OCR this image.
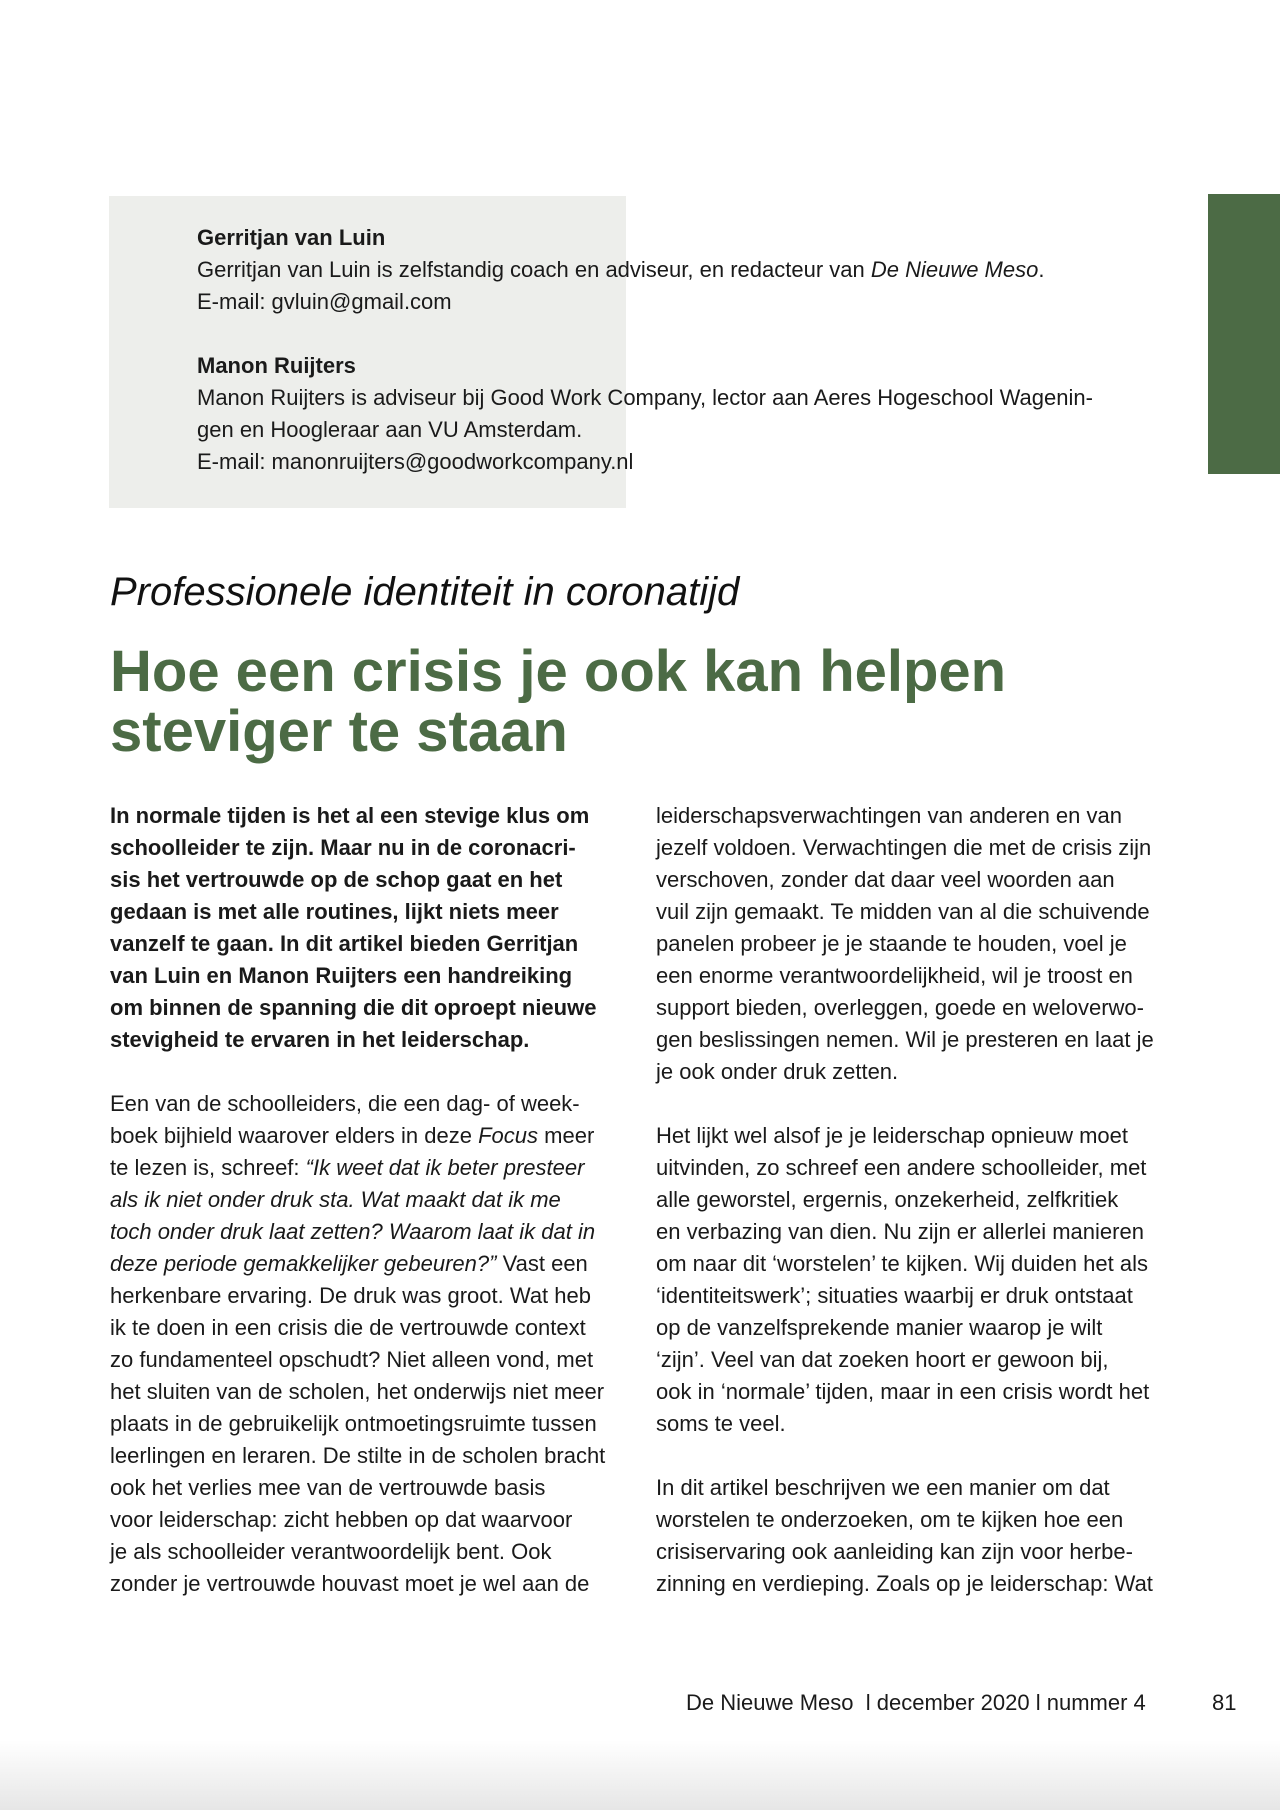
Gerritjan van Luin
Gerritjan van Luin is zelfstandig coach en adviseur, en redacteur van De Nieuwe Meso.
E-mail: gvluin@gmail.com
Manon Ruijters
Manon Ruijters is adviseur bij Good Work Company, lector aan Aeres Hogeschool Wagenin-
gen en Hoogleraar aan VU Amsterdam.
E-mail: manonruijters@goodworkcompany.nl
Professionele identiteit in coronatijd
Hoe een crisis je ook kan helpen
steviger te staan

In normale tijden is het al een stevige klus om

schoolleider te zijn. Maar nu in de coronacri-

sis het vertrouwde op de schop gaat en het

gedaan is met alle routines, lijkt niets meer

vanzelf te gaan. In dit artikel bieden Gerritjan

van Luin en Manon Ruijters een handreiking

om binnen de spanning die dit oproept nieuwe

stevigheid te ervaren in het leiderschap.

Een van de schoolleiders, die een dag- of week-

boek bijhield waarover elders in deze Focus meer

te lezen is, schreef: “Ik weet dat ik beter presteer

als ik niet onder druk sta. Wat maakt dat ik me

toch onder druk laat zetten? Waarom laat ik dat in

deze periode gemakkelijker gebeuren?” Vast een

herkenbare ervaring. De druk was groot. Wat heb

ik te doen in een crisis die de vertrouwde context

zo fundamenteel opschudt? Niet alleen vond, met

het sluiten van de scholen, het onderwijs niet meer

plaats in de gebruikelijk ontmoetingsruimte tussen

leerlingen en leraren. De stilte in de scholen bracht

ook het verlies mee van de vertrouwde basis

voor leiderschap: zicht hebben op dat waarvoor

je als schoolleider verantwoordelijk bent. Ook

zonder je vertrouwde houvast moet je wel aan de

leiderschapsverwachtingen van anderen en van

jezelf voldoen. Verwachtingen die met de crisis zijn

verschoven, zonder dat daar veel woorden aan

vuil zijn gemaakt. Te midden van al die schuivende

panelen probeer je je staande te houden, voel je

een enorme verantwoordelijkheid, wil je troost en

support bieden, overleggen, goede en weloverwo-

gen beslissingen nemen. Wil je presteren en laat je

je ook onder druk zetten.

Het lijkt wel alsof je je leiderschap opnieuw moet

uitvinden, zo schreef een andere schoolleider, met

alle geworstel, ergernis, onzekerheid, zelfkritiek

en verbazing van dien. Nu zijn er allerlei manieren

om naar dit ‘worstelen’ te kijken. Wij duiden het als

‘identiteitswerk’; situaties waarbij er druk ontstaat

op de vanzelfsprekende manier waarop je wilt

‘zijn’. Veel van dat zoeken hoort er gewoon bij,

ook in ‘normale’ tijden, maar in een crisis wordt het

soms te veel.

In dit artikel beschrijven we een manier om dat

worstelen te onderzoeken, om te kijken hoe een

crisiservaring ook aanleiding kan zijn voor herbe-

zinning en verdieping. Zoals op je leiderschap: Wat

De Nieuwe Meso  l december 2020 l nummer 4	81
